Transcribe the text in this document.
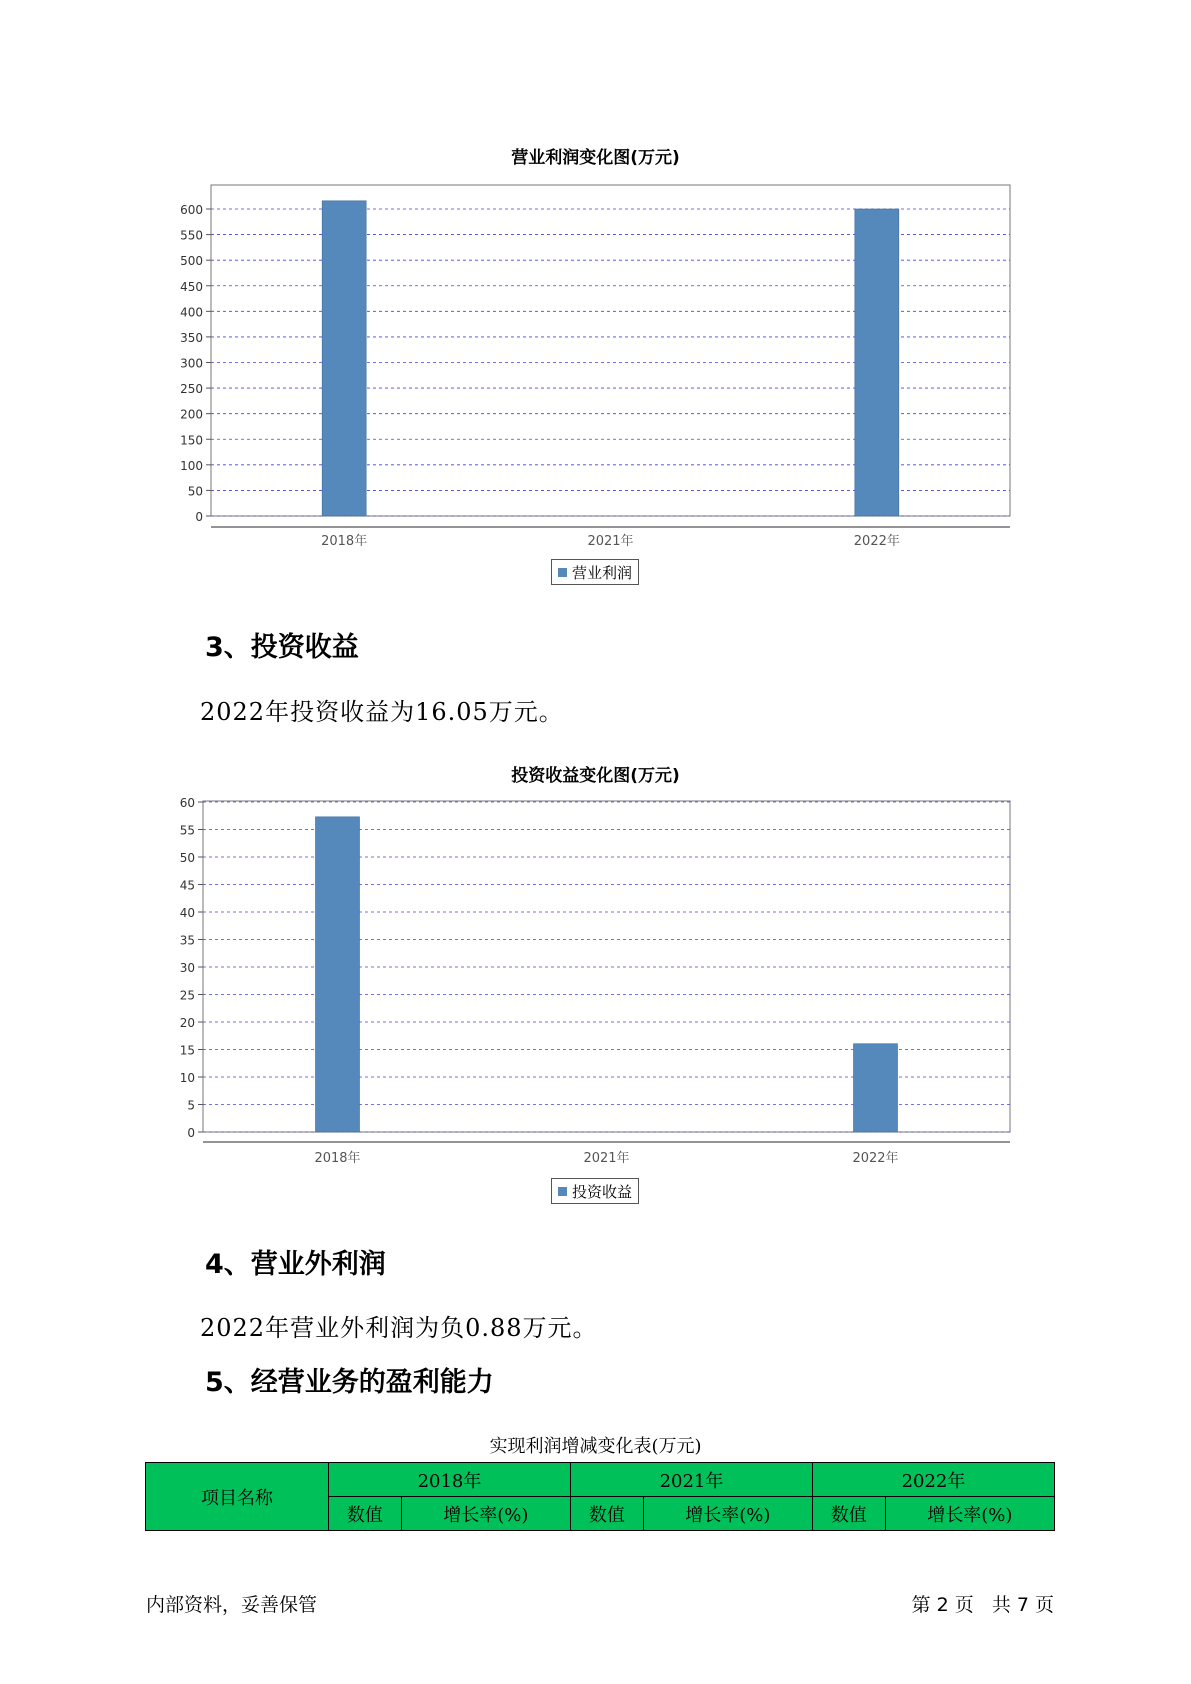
营业利润变化图(万元)
0
50
100
150
200
250
300
350
400
450
500
550
600
2018年	2021年	2022年
营业利润
3、投资收益
2022年投资收益为16.05万元。
投资收益变化图(万元)
0
5
10
15
20
25
30
35
40
45
50
55
60
2018年	2021年	2022年
投资收益
4、营业外利润
2022年营业外利润为负0.88万元。
5、经营业务的盈利能力
实现利润增减变化表(万元)
项目名称	2018年		2021年		2022年	
	数值	增长率(%)	数值	增长率(%)	数值	增长率(%)
内部资料，妥善保管	第 2 页   共 7 页
